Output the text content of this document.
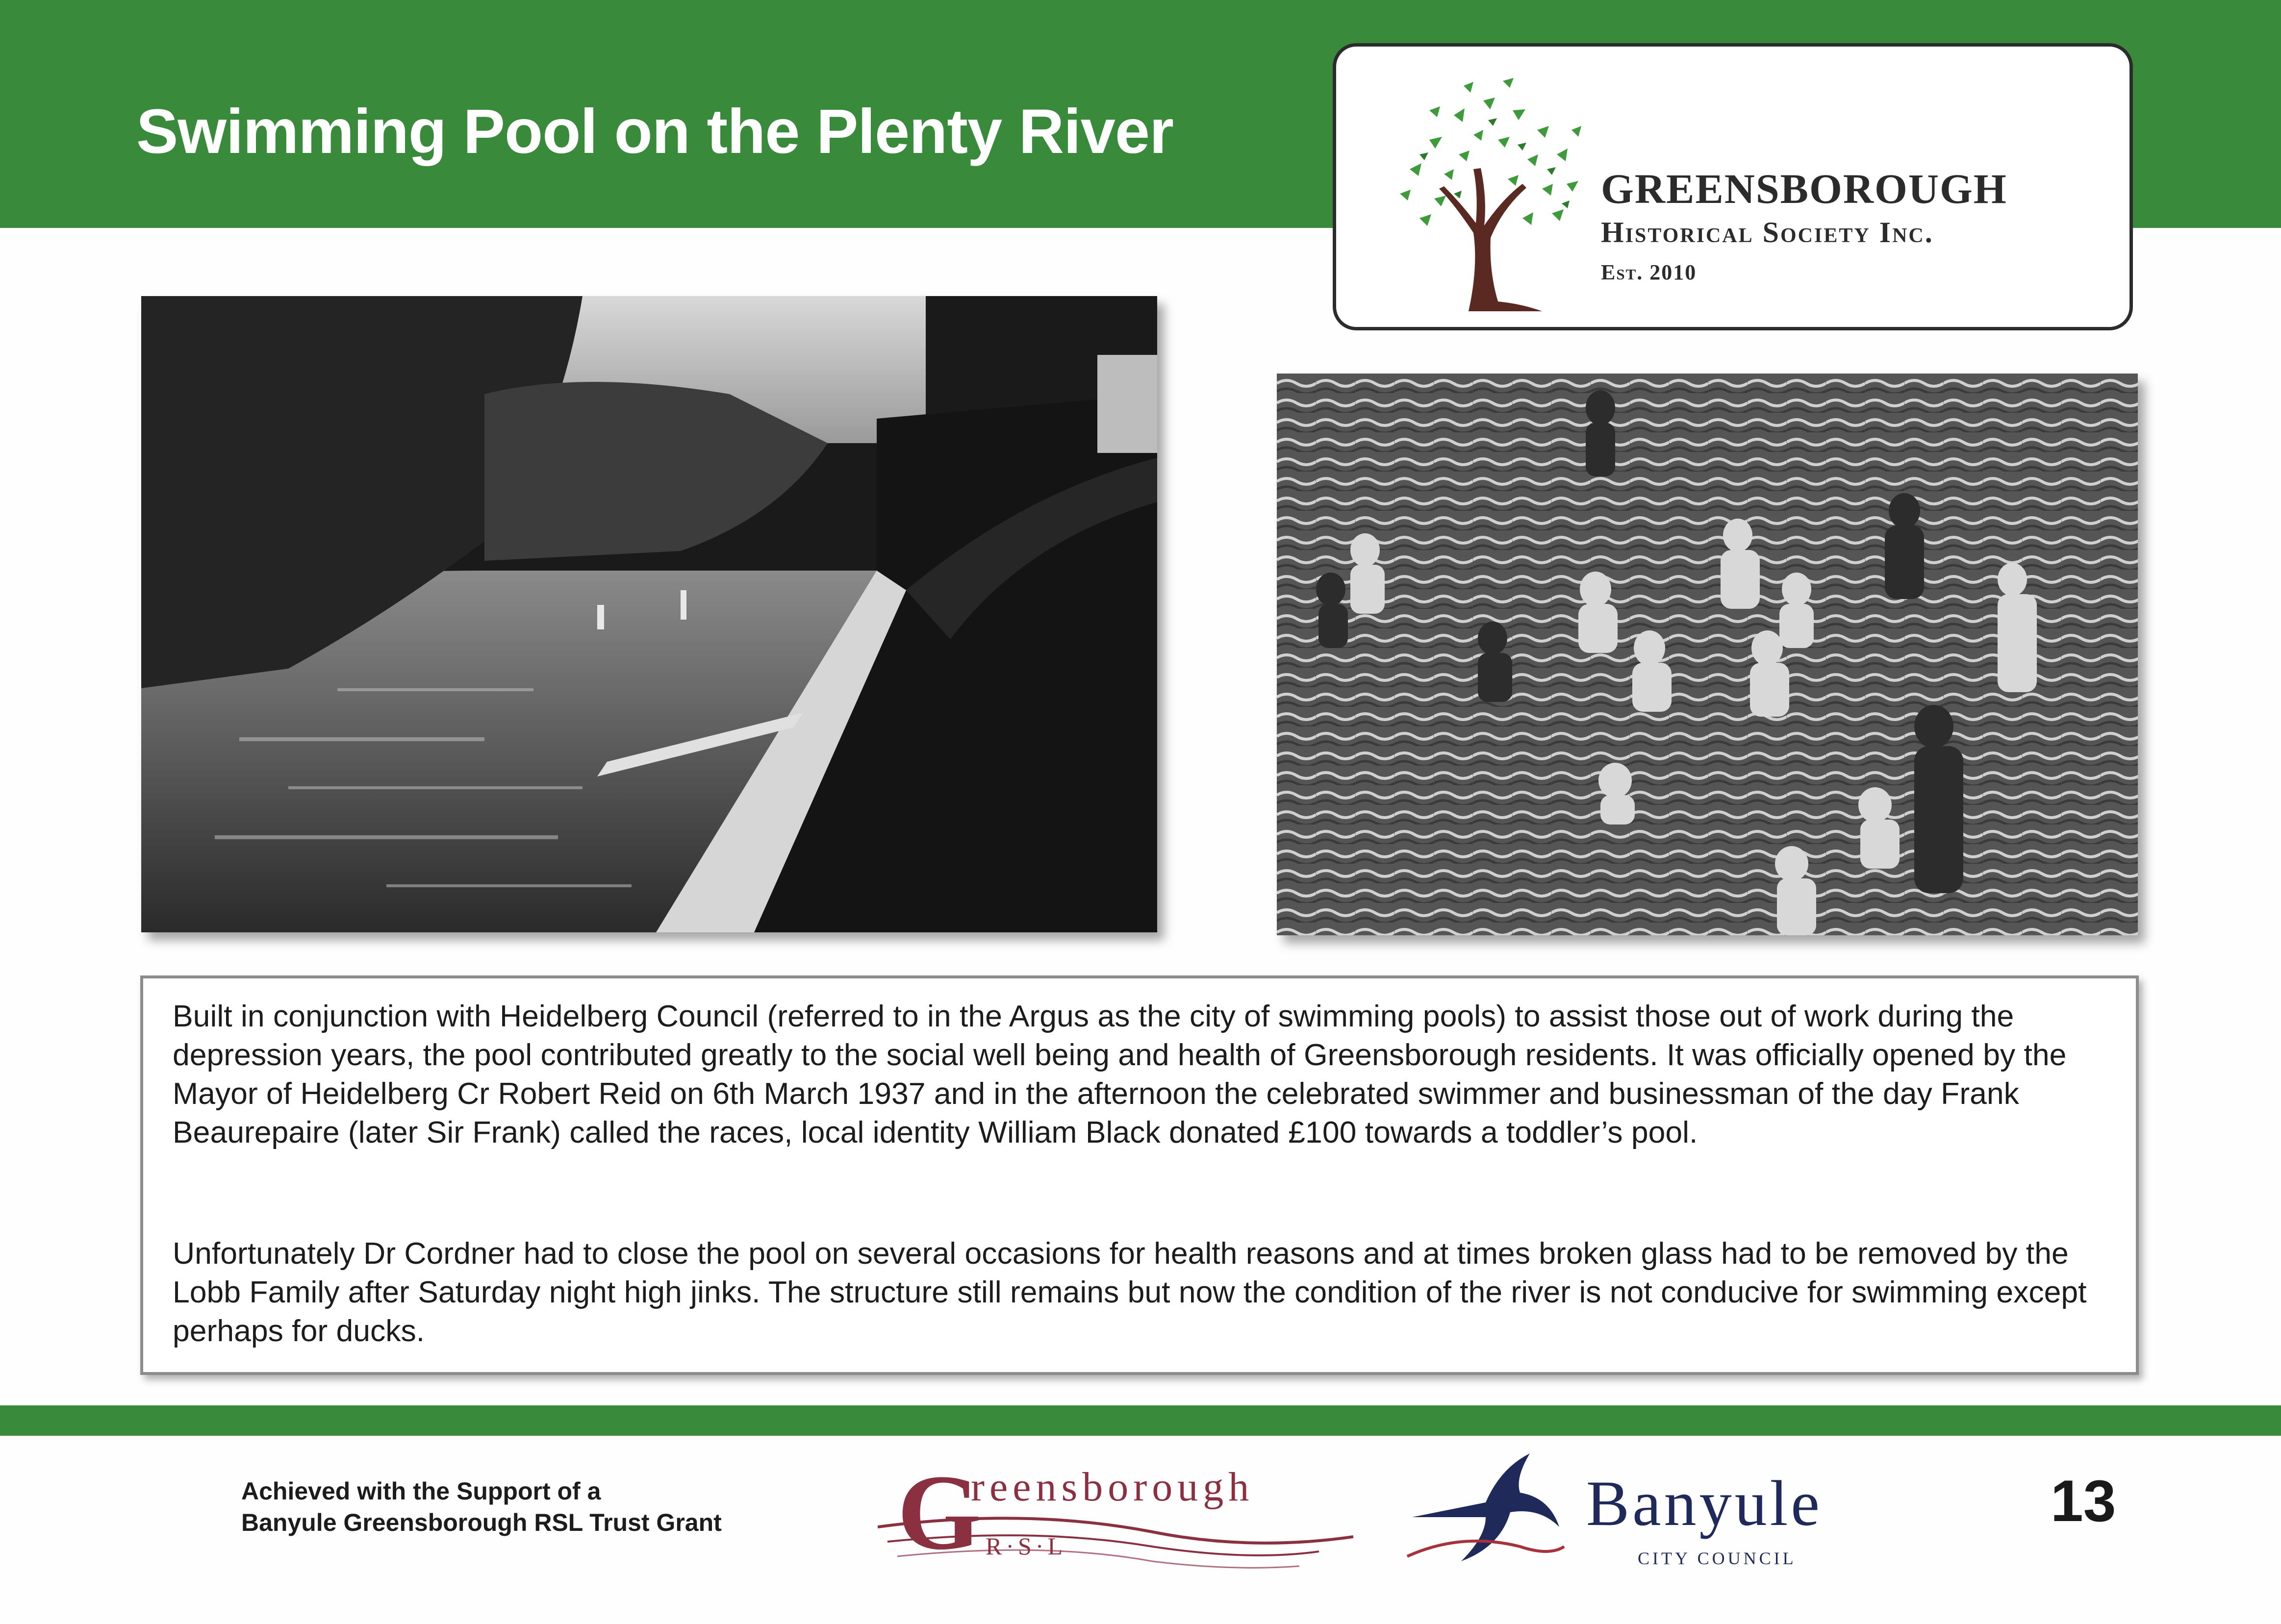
Swimming Pool on the Plenty River
GREENSBOROUGH
Historical Society Inc.
Est. 2010

Built in conjunction with Heidelberg Council (referred to in the Argus as the city of swimming pools) to assist those out of work during the depression years, the pool contributed greatly to the social well being and health of Greensborough residents. It was officially opened by the Mayor of Heidelberg Cr Robert Reid on 6th March 1937 and in the afternoon the celebrated swimmer and businessman of the day Frank Beaurepaire (later Sir Frank) called the races, local identity William Black donated £100 towards a toddler’s pool.

Unfortunately Dr Cordner had to close the pool on several occasions for health reasons and at times broken glass had to be removed by the Lobb Family after Saturday night high jinks. The structure still remains but now the condition of the river is not conducive for swimming except perhaps for ducks.

Achieved with the Support of a
Banyule Greensborough RSL Trust Grant G
reensborough
R·S·L
Banyule
CITY COUNCIL
13
